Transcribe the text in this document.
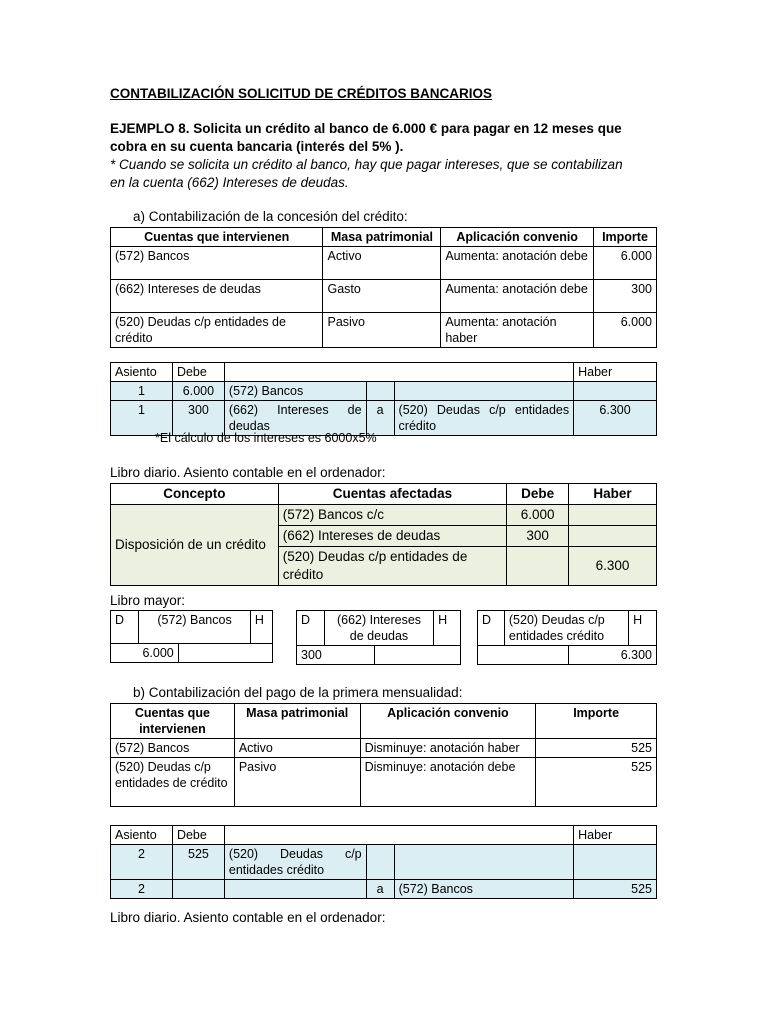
CONTABILIZACIÓN SOLICITUD DE CRÉDITOS BANCARIOS
EJEMPLO 8. Solicita un crédito al banco de 6.000 € para pagar en 12 meses que
cobra en su cuenta bancaria (interés del 5% ).
* Cuando se solicita un crédito al banco, hay que pagar intereses, que se contabilizan
en la cuenta (662) Intereses de deudas.
a) Contabilización de la concesión del crédito:
Cuentas que intervienen	Masa patrimonial	Aplicación convenio	Importe
(572) Bancos	Activo	Aumenta: anotación debe	6.000
(662) Intereses de deudas	Gasto	Aumenta: anotación debe	300
(520) Deudas c/p entidades de crédito	Pasivo	Aumenta: anotación haber	6.000
Asiento	Debe				Haber
1	6.000	(572) Bancos			
1	300	(662) Intereses de deudas	a	(520) Deudas c/p entidades crédito	6.300
*El cálculo de los intereses es 6000x5%
Libro diario. Asiento contable en el ordenador:
Concepto	Cuentas afectadas	Debe	Haber
Disposición de un crédito	(572) Bancos c/c	6.000	
	(662) Intereses de deudas	300	
	(520) Deudas c/p entidades de crédito		6.300
Libro mayor:
D	(572) Bancos		H
6.000			
D	(662) Intereses de deudas		H
300			
D	(520) Deudas c/p entidades crédito		H
		6.300	
b) Contabilización del pago de la primera mensualidad:
Cuentas que intervienen	Masa patrimonial	Aplicación convenio	Importe
(572) Bancos	Activo	Disminuye: anotación haber	525
(520) Deudas c/p entidades de crédito	Pasivo	Disminuye: anotación debe	525
Asiento	Debe				Haber
2	525	(520) Deudas c/p entidades crédito			
2			a	(572) Bancos	525
Libro diario. Asiento contable en el ordenador:
